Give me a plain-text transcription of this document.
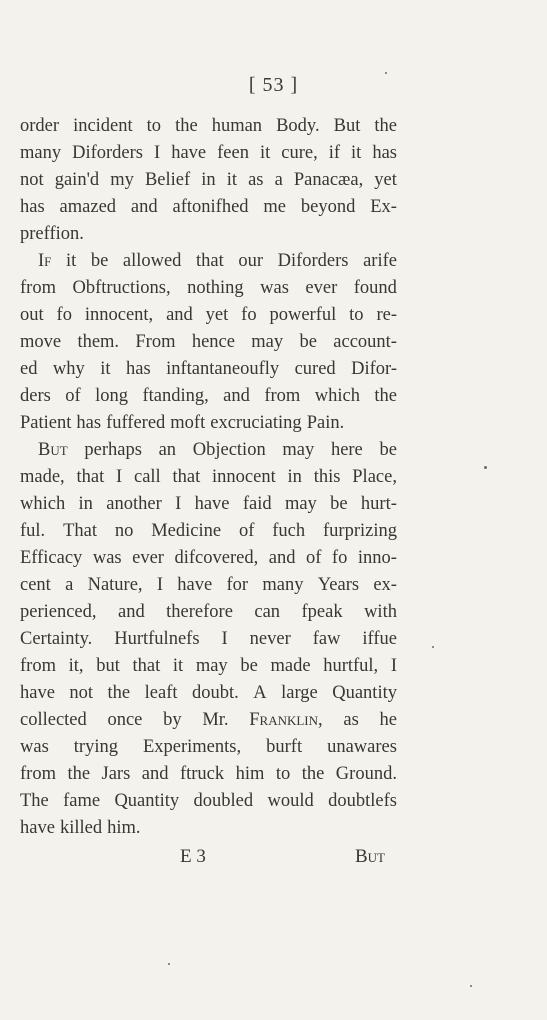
[ 53 ]
order incident to the human Body. But the
many Diforders I have feen it cure, if it has
not gain'd my Belief in it as a Panacæa, yet
has amazed and aftonifhed me beyond Ex-
preffion.
If it be allowed that our Diforders arife
from Obftructions, nothing was ever found
out fo innocent, and yet fo powerful to re-
move them. From hence may be account-
ed why it has inftantaneoufly cured Difor-
ders of long ftanding, and from which the
Patient has fuffered moft excruciating Pain.
But perhaps an Objection may here be
made, that I call that innocent in this Place,
which in another I have faid may be hurt-
ful. That no Medicine of fuch furprizing
Efficacy was ever difcovered, and of fo inno-
cent a Nature, I have for many Years ex-
perienced, and therefore can fpeak with
Certainty. Hurtfulnefs I never faw iffue
from it, but that it may be made hurtful, I
have not the leaft doubt. A large Quantity
collected once by Mr. Franklin, as he
was trying Experiments, burft unawares
from the Jars and ftruck him to the Ground.
The fame Quantity doubled would doubtlefs
have killed him.
E 3	But
